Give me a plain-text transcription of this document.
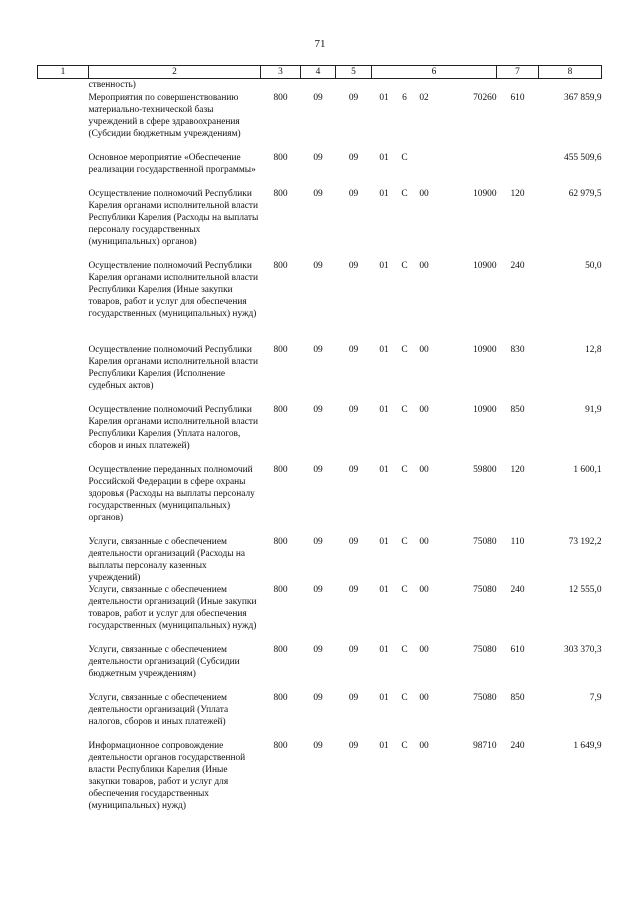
71
1	2	3	4	5	6				7	8
	ственность)									
	Мероприятия по совершенствованию материально-технической базы учреждений в сфере здравоохранения (Субсидии бюджетным учреждениям)	800	09	09	01	6	02	70260	610	367 859,9
	Основное мероприятие «Обеспечение реализации государственной программы»	800	09	09	01	С				455 509,6
	Осуществление полномочий Республики Карелия органами исполнительной власти Республики Карелия (Расходы на выплаты персоналу государственных (муниципальных) органов)	800	09	09	01	С	00	10900	120	62 979,5
	Осуществление полномочий Республики Карелия органами исполнительной власти Республики Карелия (Иные закупки товаров, работ и услуг для обеспечения государственных (муниципальных) нужд)	800	09	09	01	С	00	10900	240	50,0
	Осуществление полномочий Республики Карелия органами исполнительной власти Республики Карелия (Исполнение судебных актов)	800	09	09	01	С	00	10900	830	12,8
	Осуществление полномочий Республики Карелия органами исполнительной власти Республики Карелия (Уплата налогов, сборов и иных платежей)	800	09	09	01	С	00	10900	850	91,9
	Осуществление переданных полномочий Российской Федерации в сфере охраны здоровья (Расходы на выплаты персоналу государственных (муниципальных) органов)	800	09	09	01	С	00	59800	120	1 600,1
	Услуги, связанные с обеспечением деятельности организаций (Расходы на выплаты персоналу казенных учреждений)	800	09	09	01	С	00	75080	110	73 192,2
	Услуги, связанные с обеспечением деятельности организаций (Иные закупки товаров, работ и услуг для обеспечения государственных (муниципальных) нужд)	800	09	09	01	С	00	75080	240	12 555,0
	Услуги, связанные с обеспечением деятельности организаций (Субсидии бюджетным учреждениям)	800	09	09	01	С	00	75080	610	303 370,3
	Услуги, связанные с обеспечением деятельности организаций (Уплата налогов, сборов и иных платежей)	800	09	09	01	С	00	75080	850	7,9
	Информационное сопровождение деятельности органов государственной власти Республики Карелия (Иные закупки товаров, работ и услуг для обеспечения государственных (муниципальных) нужд)	800	09	09	01	С	00	98710	240	1 649,9
